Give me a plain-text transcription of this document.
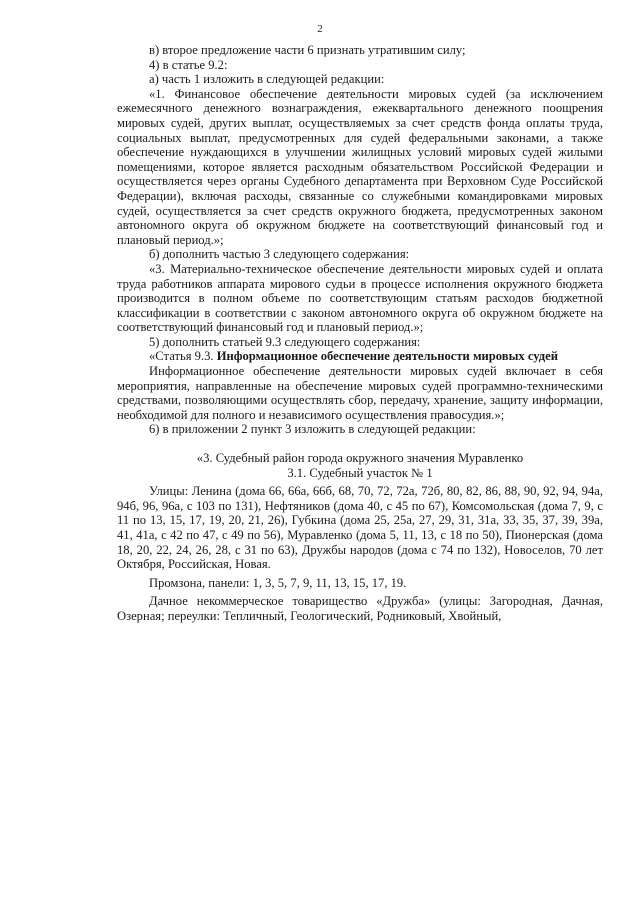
2

в) второе предложение части 6 признать утратившим силу;

4) в статье 9.2:

а) часть 1 изложить в следующей редакции:

«1. Финансовое обеспечение деятельности мировых судей (за исключением ежемесячного денежного вознаграждения, ежеквартального денежного поощрения мировых судей, других выплат, осуществляемых за счет средств фонда оплаты труда, социальных выплат, предусмотренных для судей федеральными законами, а также обеспечение нуждающихся в улучшении жилищных условий мировых судей жилыми помещениями, которое является расходным обязательством Российской Федерации и осуществляется через органы Судебного департамента при Верховном Суде Российской Федерации), включая расходы, связанные со служебными командировками мировых судей, осуществляется за счет средств окружного бюджета, предусмотренных законом автономного округа об окружном бюджете на соответствующий финансовый год и плановый период.»;

б) дополнить частью 3 следующего содержания:

«3. Материально-техническое обеспечение деятельности мировых судей и оплата труда работников аппарата мирового судьи в процессе исполнения окружного бюджета производится в полном объеме по соответствующим статьям расходов бюджетной классификации в соответствии с законом автономного округа об окружном бюджете на соответствующий финансовый год и плановый период.»;

5) дополнить статьей 9.3 следующего содержания:

«Статья 9.3. Информационное обеспечение деятельности мировых судей

Информационное обеспечение деятельности мировых судей включает в себя мероприятия, направленные на обеспечение мировых судей программно-техническими средствами, позволяющими осуществлять сбор, передачу, хранение, защиту информации, необходимой для полного и независимого осуществления правосудия.»;

6) в приложении 2 пункт 3 изложить в следующей редакции:

«3. Судебный район города окружного значения Муравленко

3.1. Судебный участок № 1

Улицы: Ленина (дома 66, 66а, 66б, 68, 70, 72, 72а, 72б, 80, 82, 86, 88, 90, 92, 94, 94а, 94б, 96, 96а, с 103 по 131), Нефтяников (дома 40, с 45 по 67), Комсомольская (дома 7, 9, с 11 по 13, 15, 17, 19, 20, 21, 26), Губкина (дома 25, 25а, 27, 29, 31, 31а, 33, 35, 37, 39, 39а, 41, 41а, с 42 по 47, с 49 по 56), Муравленко (дома 5, 11, 13, с 18 по 50), Пионерская (дома 18, 20, 22, 24, 26, 28, с 31 по 63), Дружбы народов (дома с 74 по 132), Новоселов, 70 лет Октября, Российская, Новая.

Промзона, панели: 1, 3, 5, 7, 9, 11, 13, 15, 17, 19.

Дачное некоммерческое товарищество «Дружба» (улицы: Загородная, Дачная, Озерная; переулки: Тепличный, Геологический, Родниковый, Хвойный,
